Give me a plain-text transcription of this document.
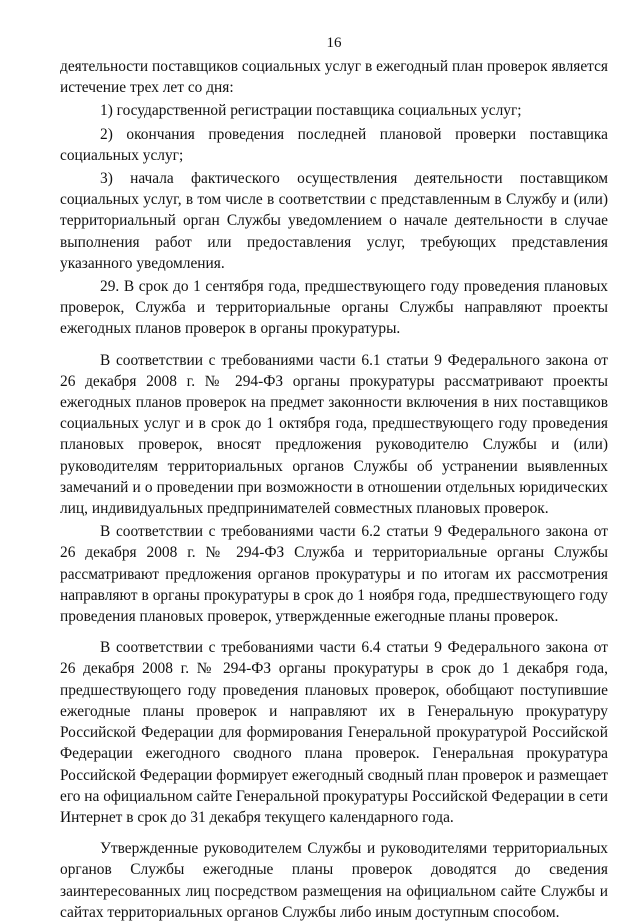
16

деятельности поставщиков социальных услуг в ежегодный план проверок является истечение трех лет со дня:

1) государственной регистрации поставщика социальных услуг;

2) окончания проведения последней плановой проверки поставщика социальных услуг;

3) начала фактического осуществления деятельности поставщиком социальных услуг, в том числе в соответствии с представленным в Службу и (или) территориальный орган Службы уведомлением о начале деятельности в случае выполнения работ или предоставления услуг, требующих представления указанного уведомления.

29. В срок до 1 сентября года, предшествующего году проведения плановых проверок, Служба и территориальные органы Службы направляют проекты ежегодных планов проверок в органы прокуратуры.

В соответствии с требованиями части 6.1 статьи 9 Федерального закона от 26 декабря 2008 г. № 294-ФЗ органы прокуратуры рассматривают проекты ежегодных планов проверок на предмет законности включения в них поставщиков социальных услуг и в срок до 1 октября года, предшествующего году проведения плановых проверок, вносят предложения руководителю Службы и (или) руководителям территориальных органов Службы об устранении выявленных замечаний и о проведении при возможности в отношении отдельных юридических лиц, индивидуальных предпринимателей совместных плановых проверок.

В соответствии с требованиями части 6.2 статьи 9 Федерального закона от 26 декабря 2008 г. № 294-ФЗ Служба и территориальные органы Службы рассматривают предложения органов прокуратуры и по итогам их рассмотрения направляют в органы прокуратуры в срок до 1 ноября года, предшествующего году проведения плановых проверок, утвержденные ежегодные планы проверок.

В соответствии с требованиями части 6.4 статьи 9 Федерального закона от 26 декабря 2008 г. № 294-ФЗ органы прокуратуры в срок до 1 декабря года, предшествующего году проведения плановых проверок, обобщают поступившие ежегодные планы проверок и направляют их в Генеральную прокуратуру Российской Федерации для формирования Генеральной прокуратурой Российской Федерации ежегодного сводного плана проверок. Генеральная прокуратура Российской Федерации формирует ежегодный сводный план проверок и размещает его на официальном сайте Генеральной прокуратуры Российской Федерации в сети Интернет в срок до 31 декабря текущего календарного года.

Утвержденные руководителем Службы и руководителями территориальных органов Службы ежегодные планы проверок доводятся до сведения заинтересованных лиц посредством размещения на официальном сайте Службы и сайтах территориальных органов Службы либо иным доступным способом.
